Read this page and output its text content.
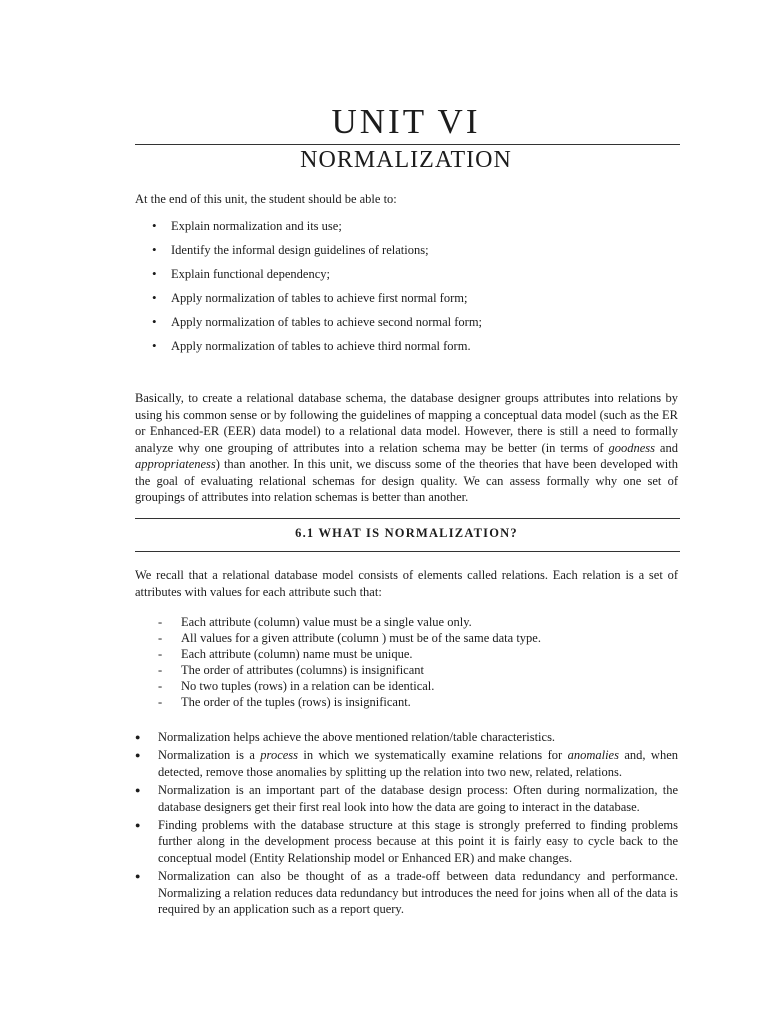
UNIT VI
NORMALIZATION
At the end of this unit, the student should be able to:
• Explain normalization and its use;
• Identify the informal design guidelines of relations;
• Explain functional dependency;
• Apply normalization of tables to achieve first normal form;
• Apply normalization of tables to achieve second normal form;
• Apply normalization of tables to achieve third normal form.
Basically, to create a relational database schema, the database designer groups attributes into relations by using his common sense or by following the guidelines of mapping a conceptual data model (such as the ER or Enhanced-ER (EER) data model) to a relational data model. However, there is still a need to formally analyze why one grouping of attributes into a relation schema may be better (in terms of goodness and appropriateness) than another. In this unit, we discuss some of the theories that have been developed with the goal of evaluating relational schemas for design quality. We can assess formally why one set of groupings of attributes into relation schemas is better than another.
6.1 WHAT IS NORMALIZATION?
We recall that a relational database model consists of elements called relations. Each relation is a set of attributes with values for each attribute such that:
- Each attribute (column) value must be a single value only.
- All values for a given attribute (column ) must be of the same data type.
- Each attribute (column) name must be unique.
- The order of attributes (columns) is insignificant
- No two tuples (rows) in a relation can be identical.
- The order of the tuples (rows) is insignificant.
● Normalization helps achieve the above mentioned relation/table characteristics.
● Normalization is a process in which we systematically examine relations for anomalies and, when detected, remove those anomalies by splitting up the relation into two new, related, relations.
● Normalization is an important part of the database design process: Often during normalization, the database designers get their first real look into how the data are going to interact in the database.
● Finding problems with the database structure at this stage is strongly preferred to finding problems further along in the development process because at this point it is fairly easy to cycle back to the conceptual model (Entity Relationship model or Enhanced ER) and make changes.
● Normalization can also be thought of as a trade-off between data redundancy and performance. Normalizing a relation reduces data redundancy but introduces the need for joins when all of the data is required by an application such as a report query.
